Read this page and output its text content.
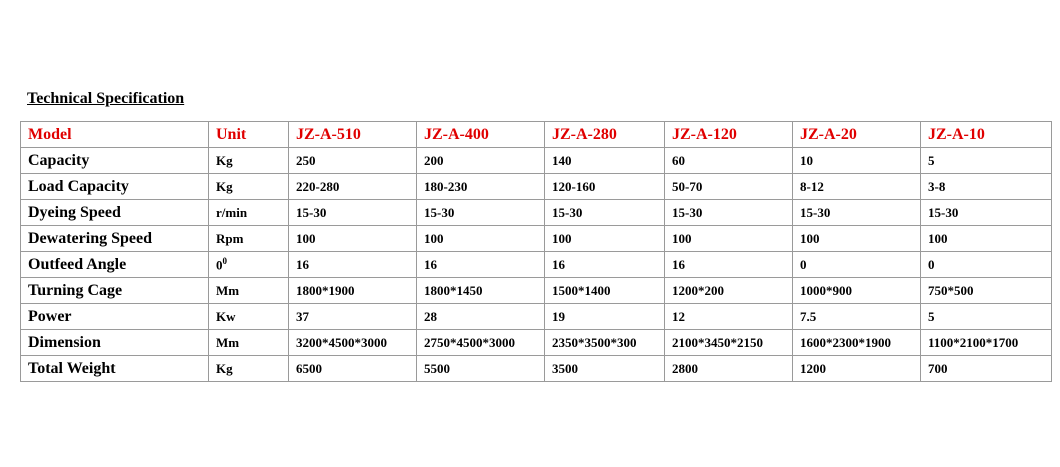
Technical Specification
Model	Unit	JZ-A-510	JZ-A-400	JZ-A-280	JZ-A-120	JZ-A-20	JZ-A-10
Capacity	Kg	250	200	140	60	10	5
Load Capacity	Kg	220-280	180-230	120-160	50-70	8-12	3-8
Dyeing Speed	r/min	15-30	15-30	15-30	15-30	15-30	15-30
Dewatering Speed	Rpm	100	100	100	100	100	100
Outfeed Angle	$0^0$	16	16	16	16	0	0
Turning Cage	Mm	1800*1900	1800*1450	1500*1400	1200*200	1000*900	750*500
Power	Kw	37	28	19	12	7.5	5
Dimension	Mm	3200*4500*3000	2750*4500*3000	2350*3500*300	2100*3450*2150	1600*2300*1900	1100*2100*1700
Total Weight	Kg	6500	5500	3500	2800	1200	700
